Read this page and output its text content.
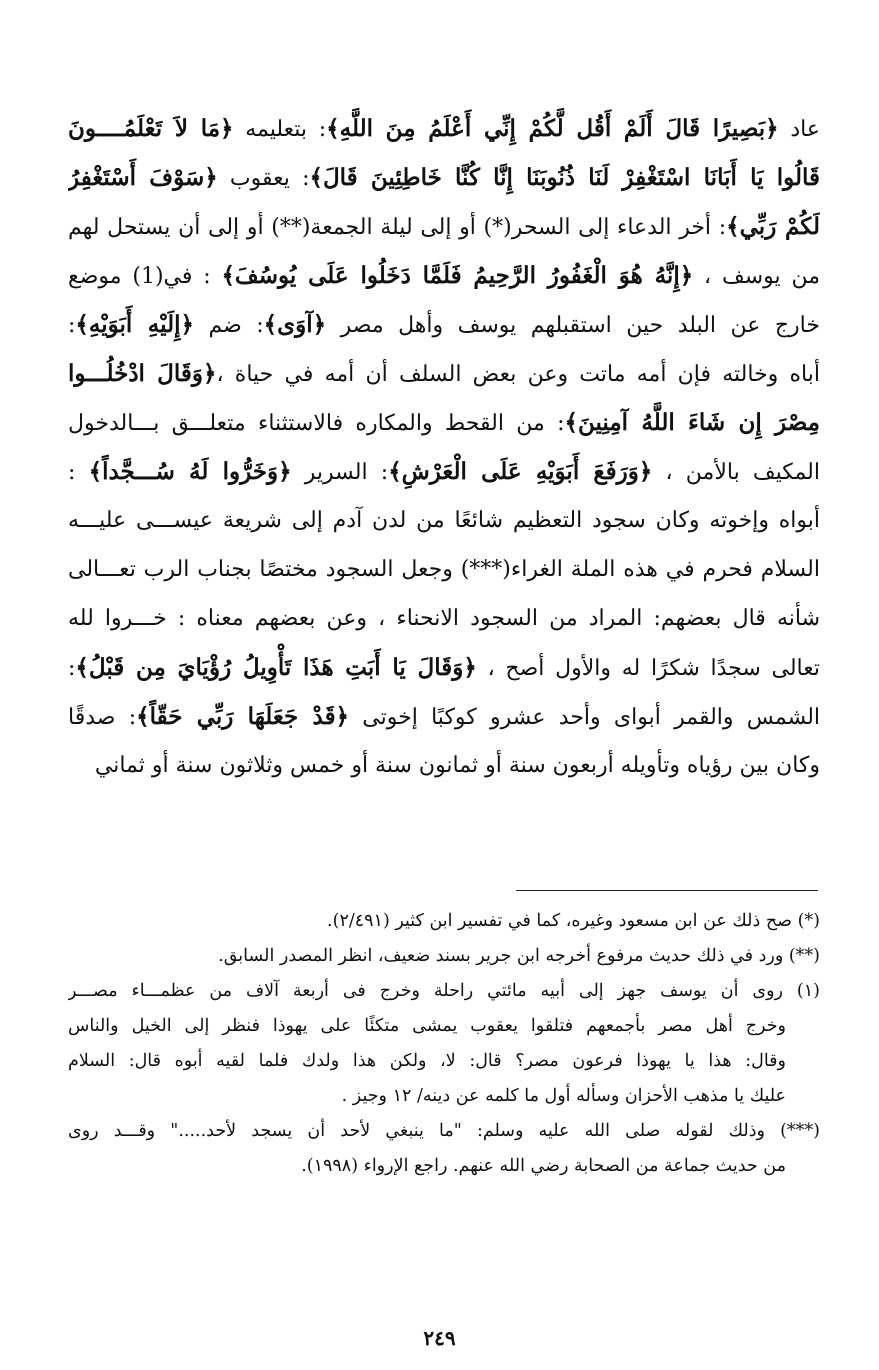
عاد ﴿بَصِيرًا قَالَ أَلَمْ أَقُل لَّكُمْ إِنِّي أَعْلَمُ مِنَ اللَّهِ﴾: بتعليمه ﴿مَا لاَ تَعْلَمُــــونَ
قَالُوا يَا أَبَانَا اسْتَغْفِرْ لَنَا ذُنُوبَنَا إِنَّا كُنَّا خَاطِئِينَ قَالَ﴾: يعقوب ﴿سَوْفَ أَسْتَغْفِرُ
لَكُمْ رَبِّي﴾: أخر الدعاء إلى السحر(*) أو إلى ليلة الجمعة(**) أو إلى أن يستحل لهم
من يوسف ، ﴿إِنَّهُ هُوَ الْغَفُورُ الرَّحِيمُ فَلَمَّا دَخَلُوا عَلَى يُوسُفَ﴾ : في(1) موضع
خارج عن البلد حين استقبلهم يوسف وأهل مصر ﴿آوَى﴾: ضم ﴿إِلَيْهِ أَبَوَيْهِ﴾:
أباه وخالته فإن أمه ماتت وعن بعض السلف أن أمه في حياة ،﴿وَقَالَ ادْخُلُـــوا
مِصْرَ إِن شَاءَ اللَّهُ آمِنِينَ﴾: من القحط والمكاره فالاستثناء متعلـــق بـــالدخول
المكيف بالأمن ، ﴿وَرَفَعَ أَبَوَيْهِ عَلَى الْعَرْشِ﴾: السرير ﴿وَخَرُّوا لَهُ سُـــجَّداً﴾ :
أبواه وإخوته وكان سجود التعظيم شائعًا من لدن آدم إلى شريعة عيســـى عليـــه
السلام فحرم في هذه الملة الغراء(***) وجعل السجود مختصًا بجناب الرب تعـــالى
شأنه قال بعضهم: المراد من السجود الانحناء ، وعن بعضهم معناه : خـــروا لله
تعالى سجدًا شكرًا له والأول أصح ، ﴿وَقَالَ يَا أَبَتِ هَذَا تَأْوِيلُ رُؤْيَايَ مِن قَبْلُ﴾:
الشمس والقمر أبواى وأحد عشرو كوكبًا إخوتى ﴿قَدْ جَعَلَهَا رَبِّي حَقّاً﴾: صدقًا
وكان بين رؤياه وتأويله أربعون سنة أو ثمانون سنة أو خمس وثلاثون سنة أو ثماني
(*) صح ذلك عن ابن مسعود وغيره، كما في تفسير ابن كثير (٢/٤٩١).
(**) ورد في ذلك حديث مرفوع أخرجه ابن جرير بسند ضعيف، انظر المصدر السابق.
(١) روى أن يوسف جهز إلى أبيه مائتي راحلة وخرج فى أربعة آلاف من عظمـــاء مصـــر
وخرج أهل مصر بأجمعهم فتلقوا يعقوب يمشى متكئًا على يهوذا فنظر إلى الخيل والناس
وقال: هذا يا يهوذا فرعون مصر؟ قال: لا، ولكن هذا ولدك فلما لقيه أبوه قال: السلام
عليك يا مذهب الأحزان وسأله أول ما كلمه عن دينه/ ١٢ وجيز .
(***) وذلك لقوله صلى الله عليه وسلم: "ما ينبغي لأحد أن يسجد لأحد....." وقـــد روى
من حديث جماعة من الصحابة رضي الله عنهم. راجع الإرواء (١٩٩٨).
٢٤٩
